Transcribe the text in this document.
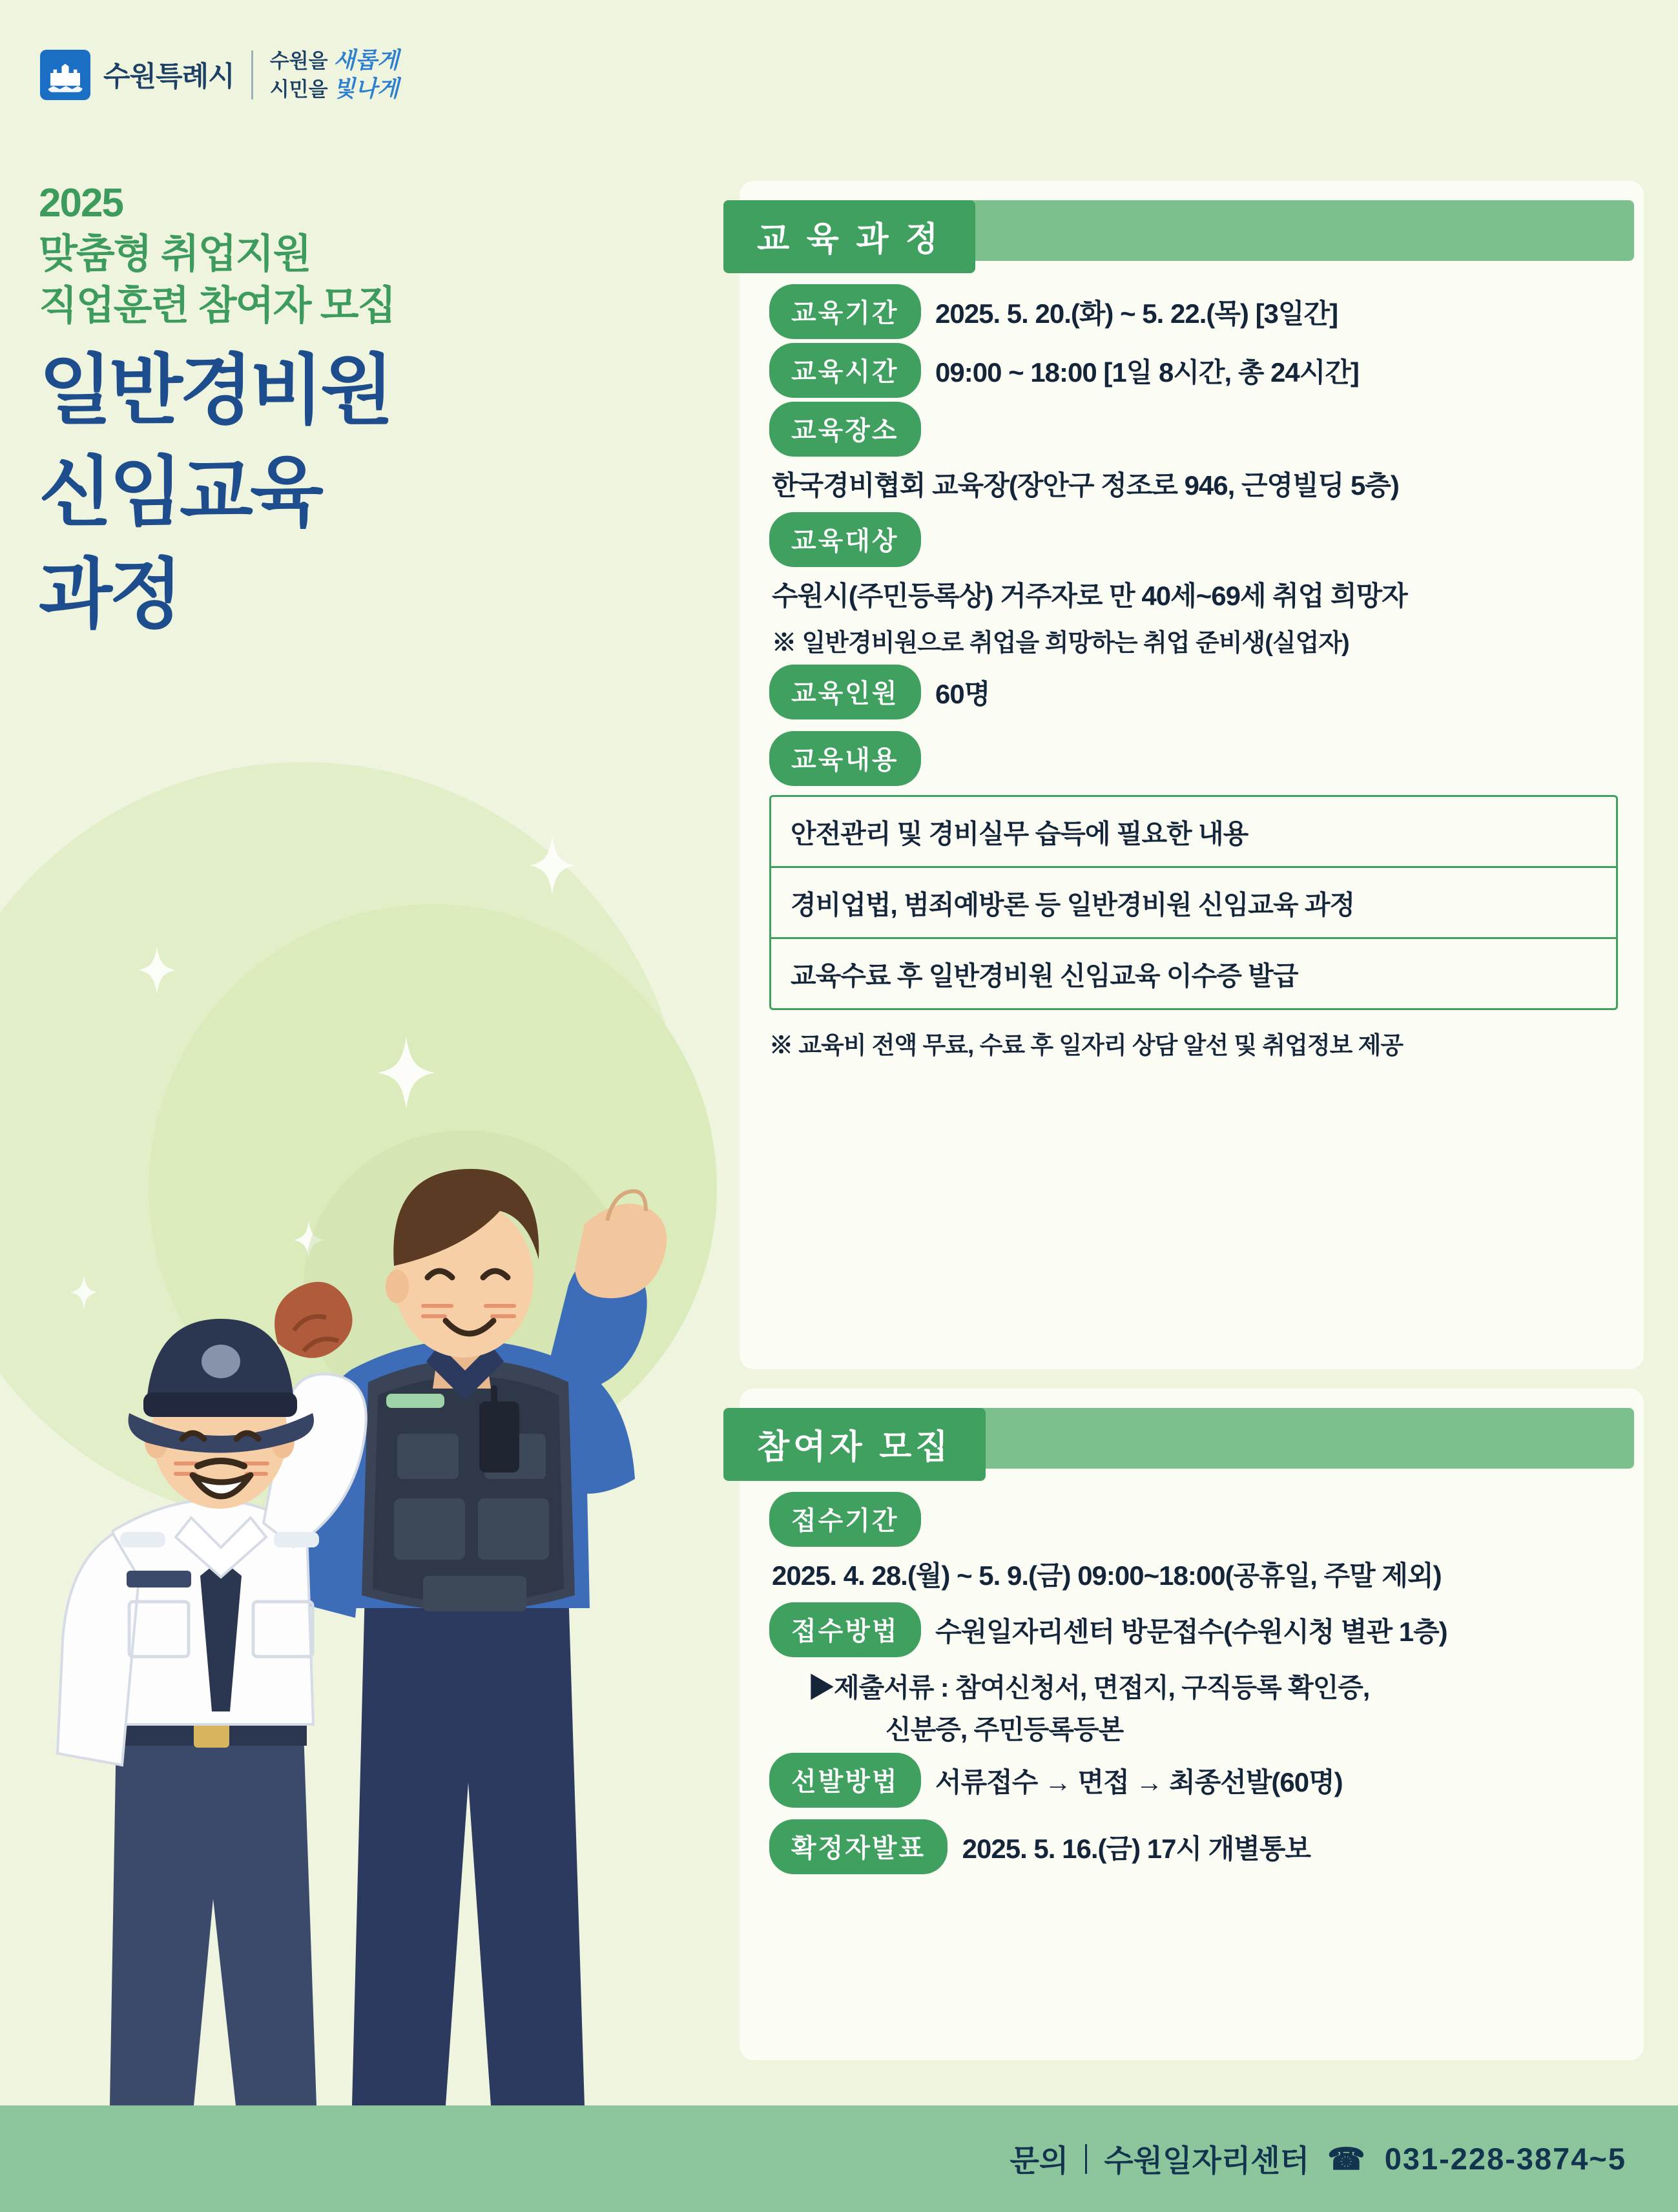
수원특례시
수원을 새롭게
시민을 빛나게
2025
맞춤형 취업지원
직업훈련 참여자 모집
일반경비원
신임교육
과정
교 육 과 정
교육기간 2025. 5. 20.(화) ~ 5. 22.(목) [3일간]
교육시간 09:00 ~ 18:00 [1일 8시간, 총 24시간]
교육장소
한국경비협회 교육장(장안구 정조로 946, 근영빌딩 5층)
교육대상
수원시(주민등록상) 거주자로 만 40세~69세 취업 희망자
※ 일반경비원으로 취업을 희망하는 취업 준비생(실업자)
교육인원 60명
교육내용
안전관리 및 경비실무 습득에 필요한 내용
경비업법, 범죄예방론 등 일반경비원 신임교육 과정
교육수료 후 일반경비원 신임교육 이수증 발급
※ 교육비 전액 무료, 수료 후 일자리 상담 알선 및 취업정보 제공
참여자 모집
접수기간
2025. 4. 28.(월) ~ 5. 9.(금) 09:00~18:00(공휴일, 주말 제외)
접수방법 수원일자리센터 방문접수(수원시청 별관 1층)
▶제출서류 : 참여신청서, 면접지, 구직등록 확인증,
신분증, 주민등록등본
선발방법 서류접수 → 면접 → 최종선발(60명)
확정자발표 2025. 5. 16.(금) 17시 개별통보
문의 수원일자리센터 ☎ 031-228-3874~5
